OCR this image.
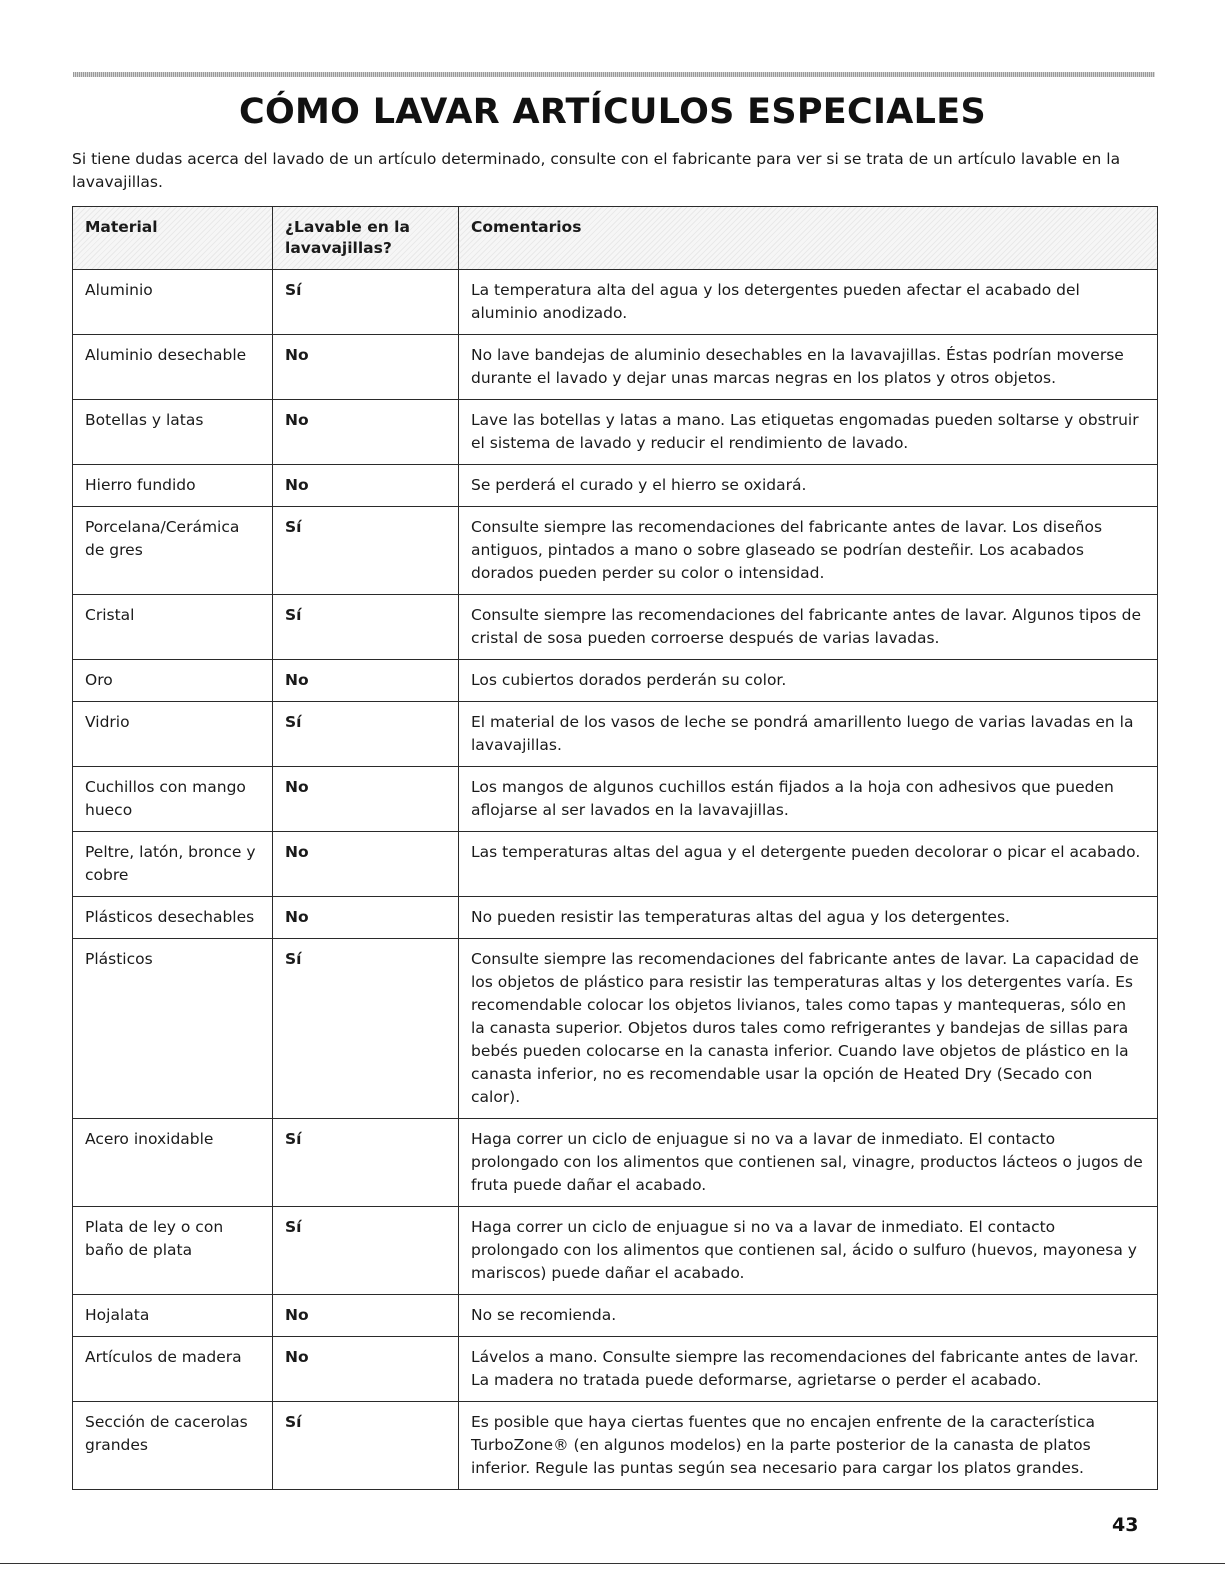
CÓMO LAVAR ARTÍCULOS ESPECIALES

Si tiene dudas acerca del lavado de un artículo determinado, consulte con el fabricante para ver si se trata de un artículo lavable en la lavavajillas.

Material	¿Lavable en la lavavajillas?	Comentarios
Aluminio	Sí	La temperatura alta del agua y los detergentes pueden afectar el acabado del aluminio anodizado.
Aluminio desechable	No	No lave bandejas de aluminio desechables en la lavavajillas. Éstas podrían moverse durante el lavado y dejar unas marcas negras en los platos y otros objetos.
Botellas y latas	No	Lave las botellas y latas a mano. Las etiquetas engomadas pueden soltarse y obstruir el sistema de lavado y reducir el rendimiento de lavado.
Hierro fundido	No	Se perderá el curado y el hierro se oxidará.
Porcelana/Cerámica de gres	Sí	Consulte siempre las recomendaciones del fabricante antes de lavar. Los diseños antiguos, pintados a mano o sobre glaseado se podrían desteñir. Los acabados dorados pueden perder su color o intensidad.
Cristal	Sí	Consulte siempre las recomendaciones del fabricante antes de lavar. Algunos tipos de cristal de sosa pueden corroerse después de varias lavadas.
Oro	No	Los cubiertos dorados perderán su color.
Vidrio	Sí	El material de los vasos de leche se pondrá amarillento luego de varias lavadas en la lavavajillas.
Cuchillos con mango hueco	No	Los mangos de algunos cuchillos están fijados a la hoja con adhesivos que pueden aflojarse al ser lavados en la lavavajillas.
Peltre, latón, bronce y cobre	No	Las temperaturas altas del agua y el detergente pueden decolorar o picar el acabado.
Plásticos desechables	No	No pueden resistir las temperaturas altas del agua y los detergentes.
Plásticos	Sí	Consulte siempre las recomendaciones del fabricante antes de lavar. La capacidad de los objetos de plástico para resistir las temperaturas altas y los detergentes varía. Es recomendable colocar los objetos livianos, tales como tapas y mantequeras, sólo en la canasta superior. Objetos duros tales como refrigerantes y bandejas de sillas para bebés pueden colocarse en la canasta inferior. Cuando lave objetos de plástico en la canasta inferior, no es recomendable usar la opción de Heated Dry (Secado con calor).
Acero inoxidable	Sí	Haga correr un ciclo de enjuague si no va a lavar de inmediato. El contacto prolongado con los alimentos que contienen sal, vinagre, productos lácteos o jugos de fruta puede dañar el acabado.
Plata de ley o con baño de plata	Sí	Haga correr un ciclo de enjuague si no va a lavar de inmediato. El contacto prolongado con los alimentos que contienen sal, ácido o sulfuro (huevos, mayonesa y mariscos) puede dañar el acabado.
Hojalata	No	No se recomienda.
Artículos de madera	No	Lávelos a mano. Consulte siempre las recomendaciones del fabricante antes de lavar. La madera no tratada puede deformarse, agrietarse o perder el acabado.
Sección de cacerolas grandes	Sí	Es posible que haya ciertas fuentes que no encajen enfrente de la característica TurboZone® (en algunos modelos) en la parte posterior de la canasta de platos inferior. Regule las puntas según sea necesario para cargar los platos grandes.
43
